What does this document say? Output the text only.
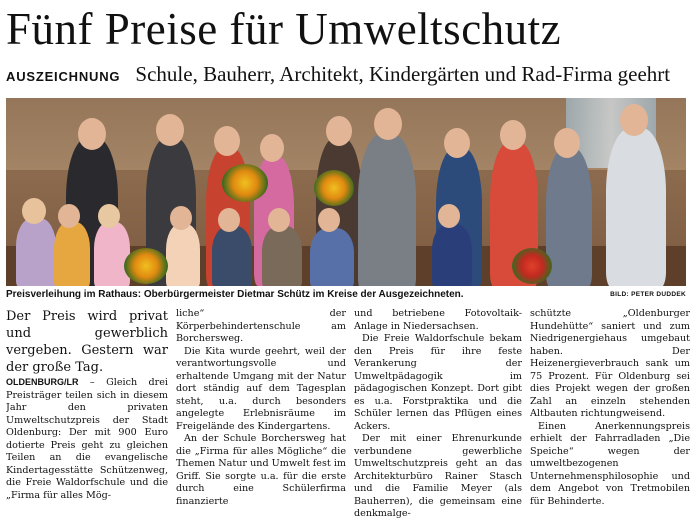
Fünf Preise für Umweltschutz
AUSZEICHNUNG Schule, Bauherr, Architekt, Kindergärten und Rad-Firma geehrt
Preisverleihung im Rathaus: Oberbürgermeister Dietmar Schütz im Kreise der Ausgezeichneten.	BILD: PETER DUDDEK

Der Preis wird privat und gewerblich vergeben. Gestern war der große Tag.

OLDENBURG/LR – Gleich drei Preisträger teilen sich in diesem Jahr den privaten Umweltschutzpreis der Stadt Oldenburg: Der mit 900 Euro dotierte Preis geht zu gleichen Teilen an die evangelische Kindertagesstätte Schützenweg, die Freie Waldorfschule und die „Firma für alles Mög-

liche“ der Körperbehindertenschule am Borchersweg.

Die Kita wurde geehrt, weil der verantwortungsvolle und erhaltende Umgang mit der Natur dort ständig auf dem Tagesplan steht, u.a. durch besonders angelegte Erlebnisräume im Freigelände des Kindergartens.

An der Schule Borchersweg hat die „Firma für alles Mögliche“ die Themen Natur und Umwelt fest im Griff. Sie sorgte u.a. für die erste durch eine Schülerfirma finanzierte

und betriebene Fotovoltaik-Anlage in Niedersachsen.

Die Freie Waldorfschule bekam den Preis für ihre feste Verankerung der Umweltpädagogik im pädagogischen Konzept. Dort gibt es u.a. Forstpraktika und die Schüler lernen das Pflügen eines Ackers.

Der mit einer Ehrenurkunde verbundene gewerbliche Umweltschutzpreis geht an das Architekturbüro Rainer Stasch und die Familie Meyer (als Bauherren), die gemeinsam eine denkmalge-

schützte „Oldenburger Hundehütte“ saniert und zum Niedrigenergiehaus umgebaut haben. Der Heizenergieverbrauch sank um 75 Prozent. Für Oldenburg sei dies Projekt wegen der großen Zahl an einzeln stehenden Altbauten richtungweisend.

Einen Anerkennungspreis erhielt der Fahrradladen „Die Speiche“ wegen der umweltbezogenen Unternehmensphilosophie und dem Angebot von Tretmobilen für Behinderte.
